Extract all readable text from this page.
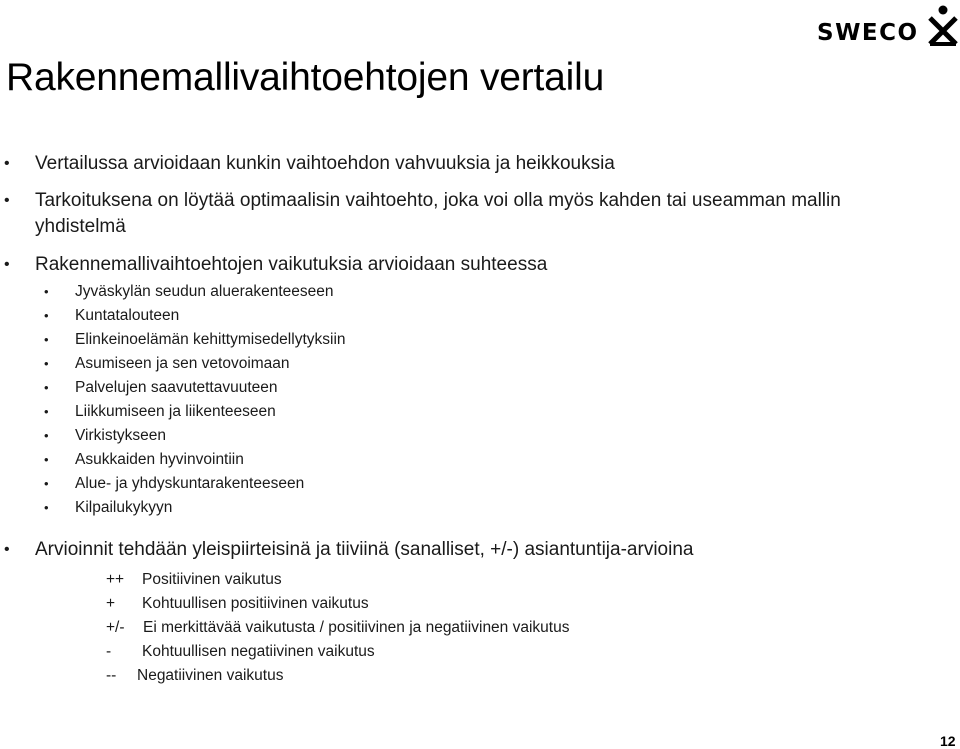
SWECO
Rakennemallivaihtoehtojen vertailu
• Vertailussa arvioidaan kunkin vaihtoehdon vahvuuksia ja heikkouksia
• Tarkoituksena on löytää optimaalisin vaihtoehto, joka voi olla myös kahden tai useamman mallin
yhdistelmä
• Rakennemallivaihtoehtojen vaikutuksia arvioidaan suhteessa
• Jyväskylän seudun aluerakenteeseen
• Kuntatalouteen
• Elinkeinoelämän kehittymisedellytyksiin
• Asumiseen ja sen vetovoimaan
• Palvelujen saavutettavuuteen
• Liikkumiseen ja liikenteeseen
• Virkistykseen
• Asukkaiden hyvinvointiin
• Alue- ja yhdyskuntarakenteeseen
• Kilpailukykyyn
• Arvioinnit tehdään yleispiirteisinä ja tiiviinä (sanalliset, +/-) asiantuntija-arvioina
++ Positiivinen vaikutus
+ Kohtuullisen positiivinen vaikutus
+/- Ei merkittävää vaikutusta / positiivinen ja negatiivinen vaikutus
- Kohtuullisen negatiivinen vaikutus
-- Negatiivinen vaikutus
12
